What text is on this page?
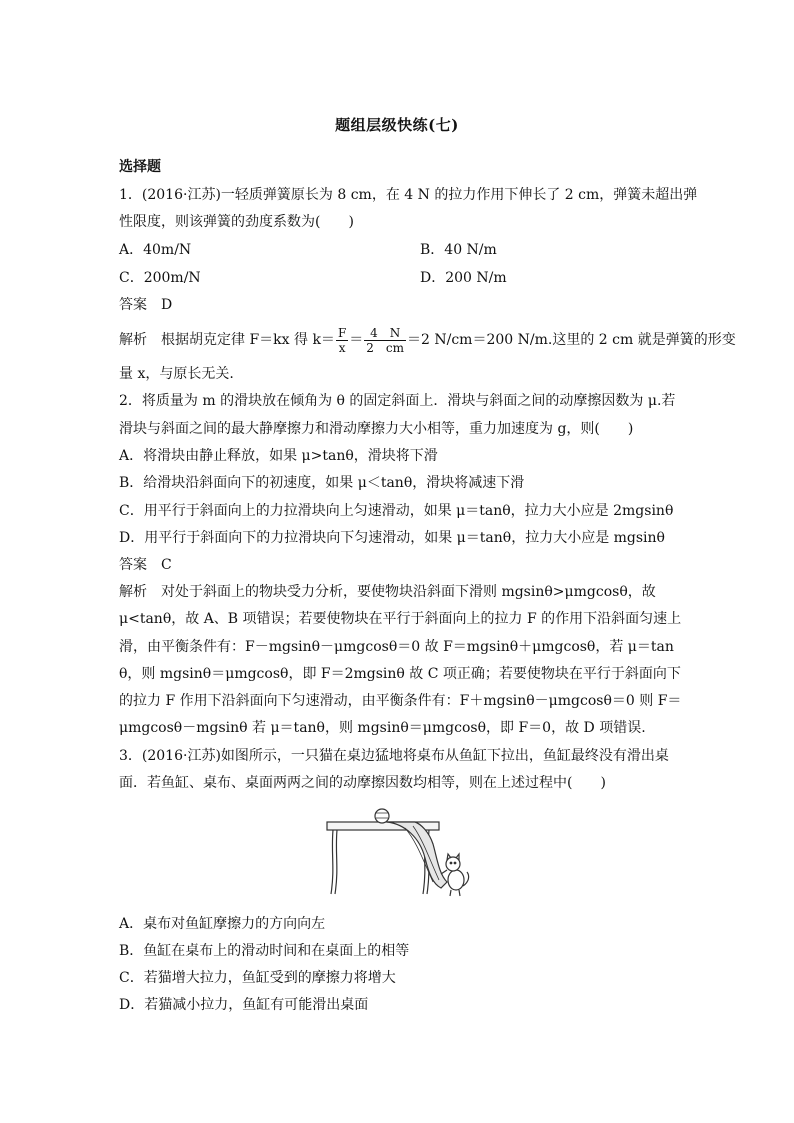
题组层级快练(七)
选择题
1．(2016·江苏)一轻质弹簧原长为 8 cm，在 4 N 的拉力作用下伸长了 2 cm，弹簧未超出弹
性限度，则该弹簧的劲度系数为(　　)
A．40m/N	B．40 N/m
C．200m/N	D．200 N/m
答案　D
解析　根据胡克定律 F＝kx 得 $k= \frac{F}{x} = \frac{4 N}{2 cm} =2$ N/cm＝200 N/m.这里的 2 cm 就是弹簧的形变
量 x，与原长无关.
2．将质量为 m 的滑块放在倾角为 θ 的固定斜面上．滑块与斜面之间的动摩擦因数为 μ.若
滑块与斜面之间的最大静摩擦力和滑动摩擦力大小相等，重力加速度为 g，则(　　)
A．将滑块由静止释放，如果 μ>tanθ，滑块将下滑
B．给滑块沿斜面向下的初速度，如果 μ＜tanθ，滑块将减速下滑
C．用平行于斜面向上的力拉滑块向上匀速滑动，如果 μ＝tanθ，拉力大小应是 2mgsinθ
D．用平行于斜面向下的力拉滑块向下匀速滑动，如果 μ＝tanθ，拉力大小应是 mgsinθ
答案　C
解析　对处于斜面上的物块受力分析，要使物块沿斜面下滑则 mgsinθ>μmgcosθ，故
μ<tanθ，故 A、B 项错误；若要使物块在平行于斜面向上的拉力 F 的作用下沿斜面匀速上
滑，由平衡条件有：F－mgsinθ－μmgcosθ＝0 故 F＝mgsinθ＋μmgcosθ，若 μ＝tan
θ，则 mgsinθ＝μmgcosθ，即 F＝2mgsinθ 故 C 项正确；若要使物块在平行于斜面向下
的拉力 F 作用下沿斜面向下匀速滑动，由平衡条件有：F＋mgsinθ－μmgcosθ＝0 则 F＝
μmgcosθ－mgsinθ 若 μ＝tanθ，则 mgsinθ＝μmgcosθ，即 F＝0，故 D 项错误.
3．(2016·江苏)如图所示，一只猫在桌边猛地将桌布从鱼缸下拉出，鱼缸最终没有滑出桌
面．若鱼缸、桌布、桌面两两之间的动摩擦因数均相等，则在上述过程中(　　)
A．桌布对鱼缸摩擦力的方向向左
B．鱼缸在桌布上的滑动时间和在桌面上的相等
C．若猫增大拉力，鱼缸受到的摩擦力将增大
D．若猫减小拉力，鱼缸有可能滑出桌面
